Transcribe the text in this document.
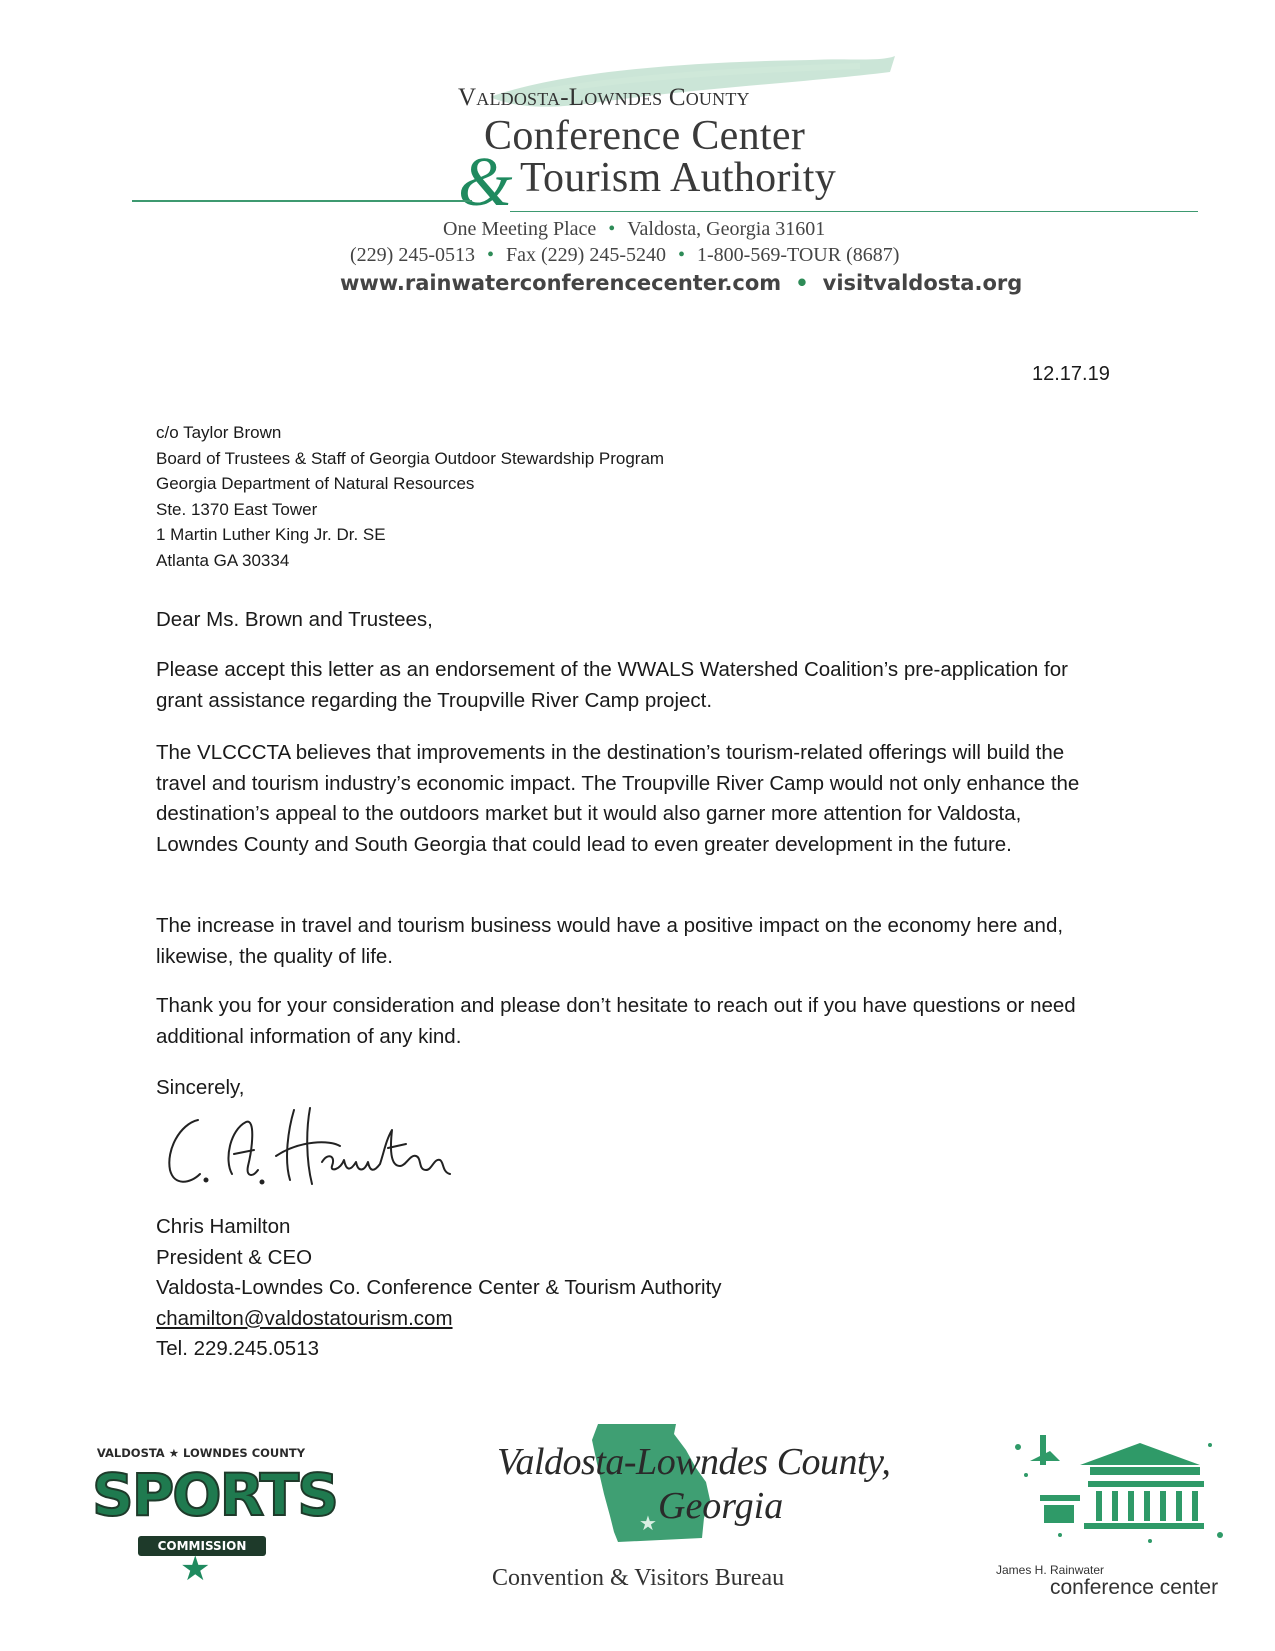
Valdosta-Lowndes County
Conference Center
& Tourism Authority
One Meeting Place • Valdosta, Georgia 31601
(229) 245-0513 • Fax (229) 245-5240 • 1-800-569-TOUR (8687)
www.rainwaterconferencecenter.com • visitvaldosta.org
12.17.19
c/o Taylor Brown
Board of Trustees & Staff of Georgia Outdoor Stewardship Program
Georgia Department of Natural Resources
Ste. 1370 East Tower
1 Martin Luther King Jr. Dr. SE
Atlanta GA 30334
Dear Ms. Brown and Trustees,

Please accept this letter as an endorsement of the WWALS Watershed Coalition’s pre-application for grant assistance regarding the Troupville River Camp project.

The VLCCCTA believes that improvements in the destination’s tourism-related offerings will build the travel and tourism industry’s economic impact. The Troupville River Camp would not only enhance the destination’s appeal to the outdoors market but it would also garner more attention for Valdosta, Lowndes County and South Georgia that could lead to even greater development in the future.

The increase in travel and tourism business would have a positive impact on the economy here and, likewise, the quality of life.

Thank you for your consideration and please don’t hesitate to reach out if you have questions or need additional information of any kind.

Sincerely,
Chris Hamilton
President & CEO
Valdosta-Lowndes Co. Conference Center & Tourism Authority
chamilton@valdostatourism.com
Tel. 229.245.0513
VALDOSTA ★ LOWNDES COUNTY
SPORTS
COMMISSION
★
★
Valdosta-Lowndes County,
Georgia
Convention & Visitors Bureau	James H. Rainwater
conference center
